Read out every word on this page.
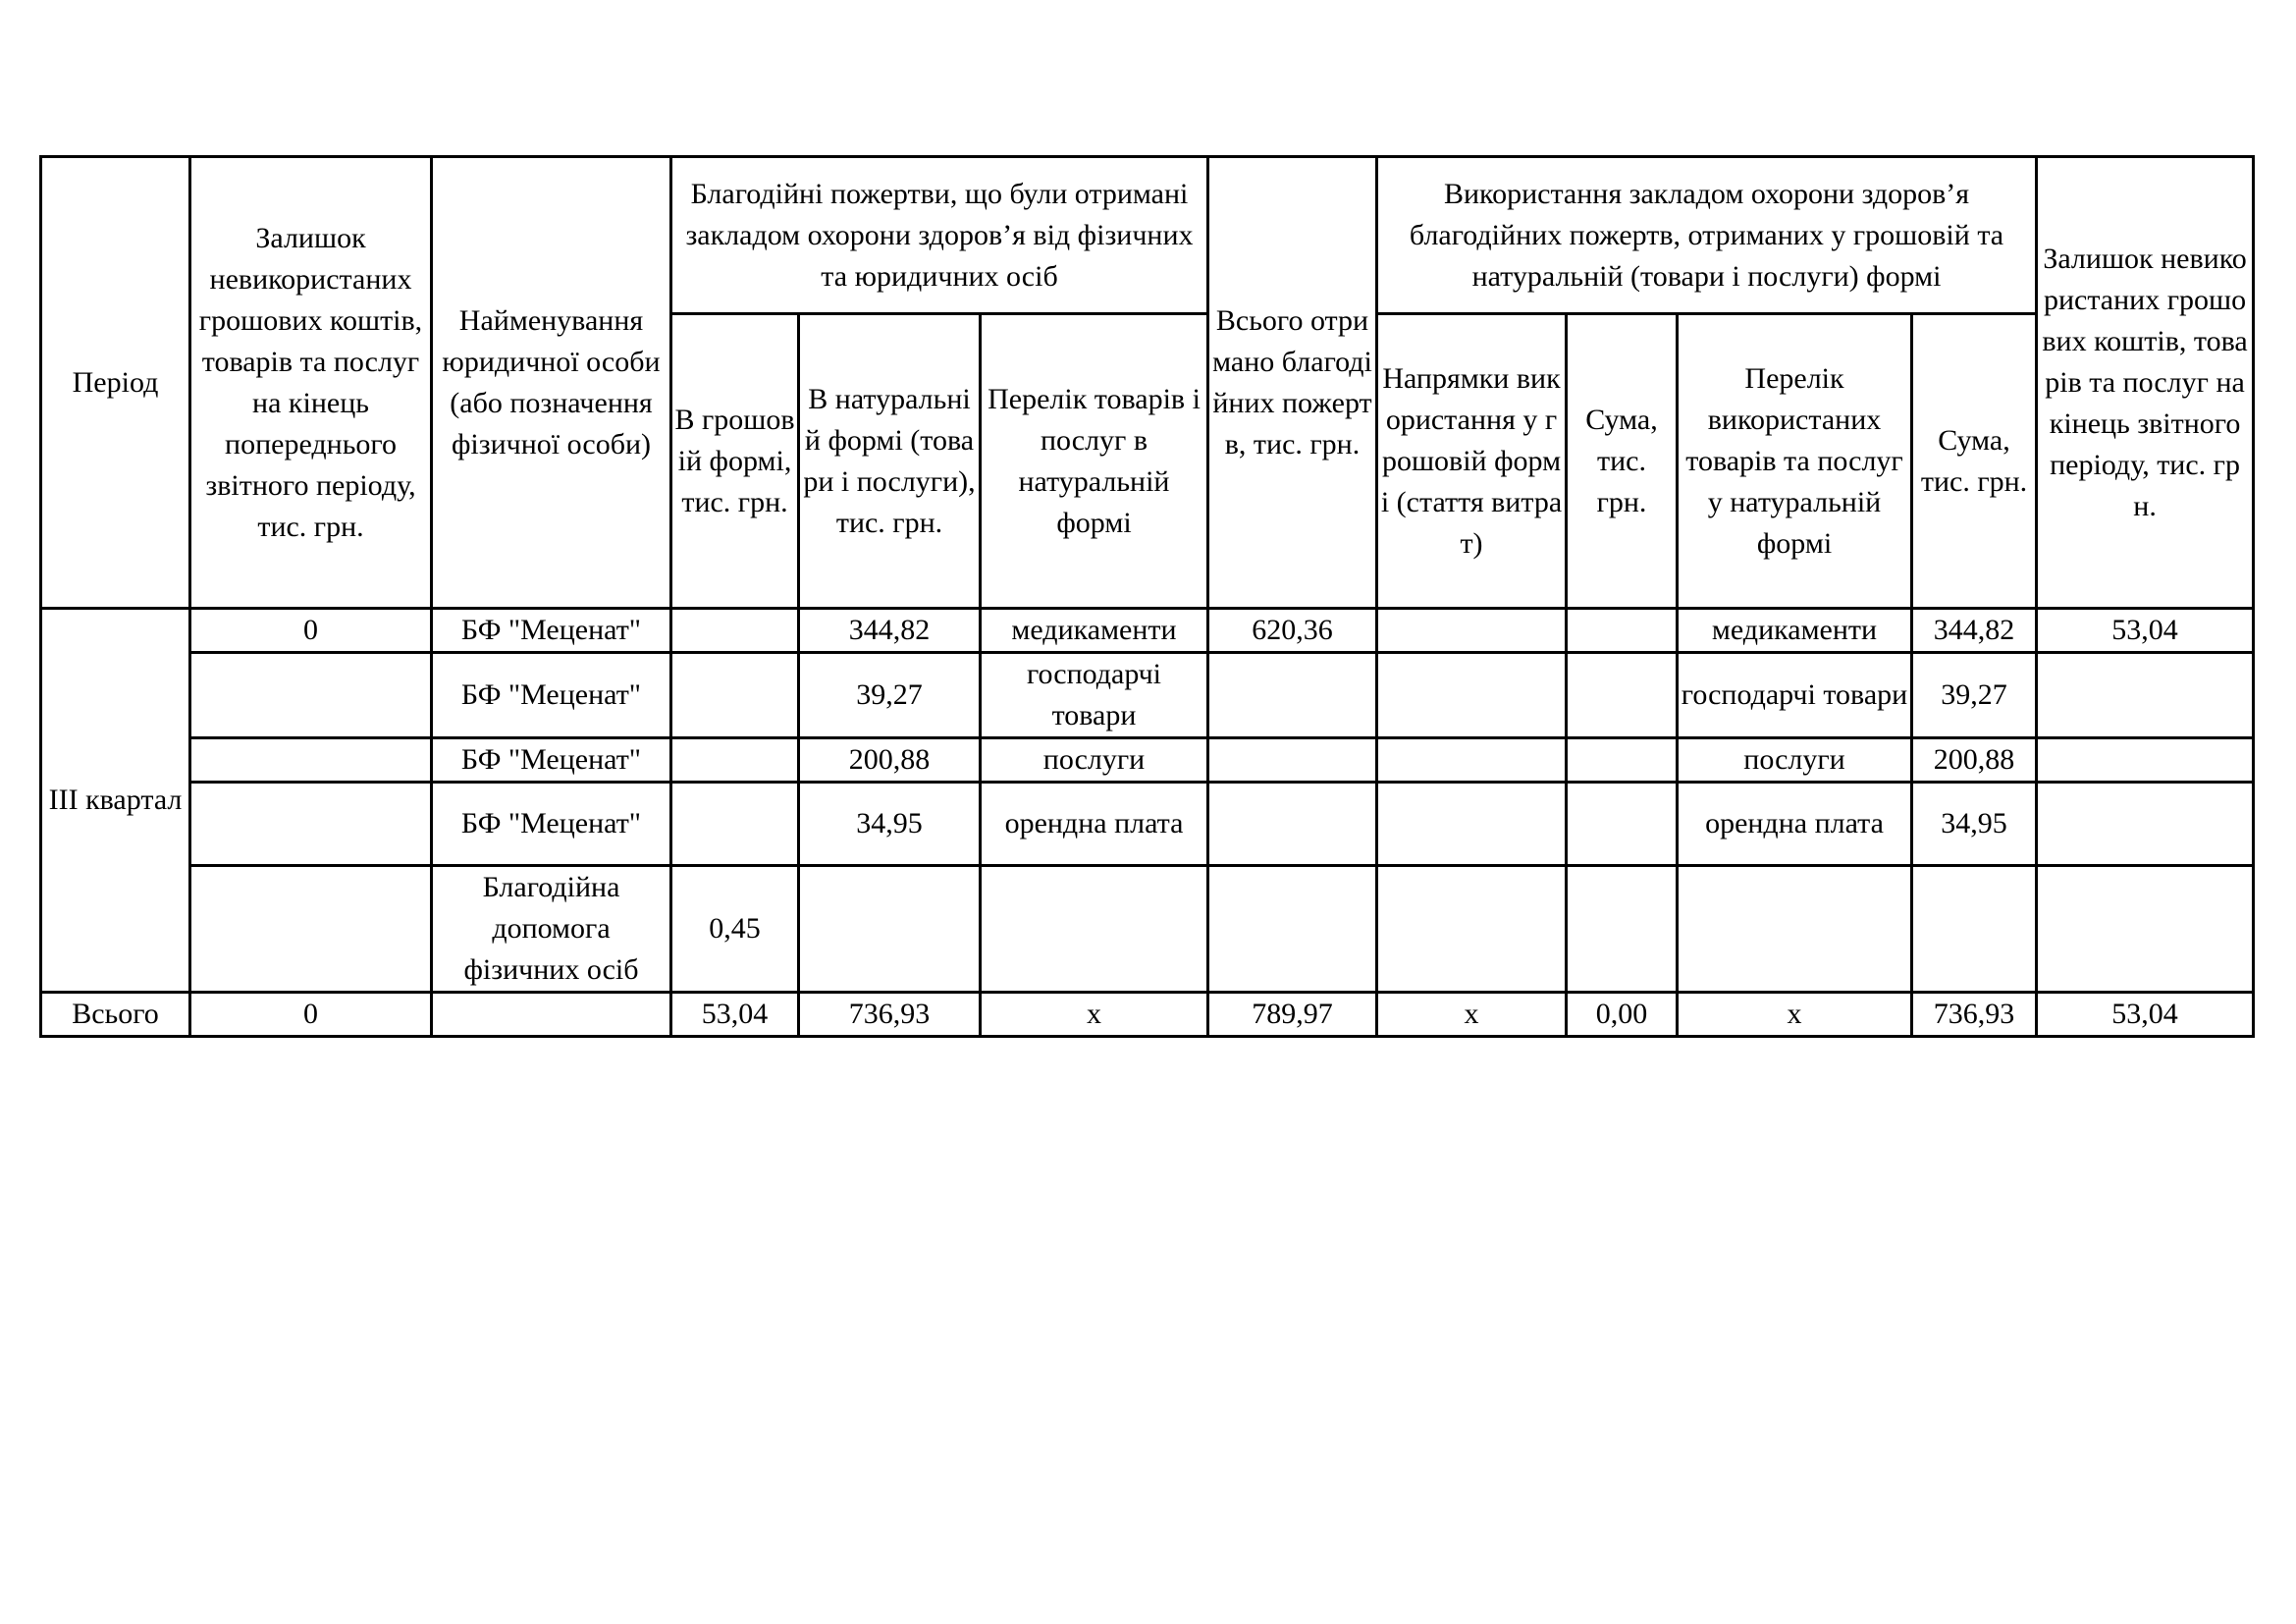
Період	Залишок невикористаних грошових коштів, товарів та послуг на кінець попереднього звітного періоду, тис. грн.	Найменування юридичної особи (або позначення фізичної особи)	Благодійні пожертви, що були отримані закладом охорони здоров’я від фізичних та юридичних осіб			Всього отримано благодійних пожертв, тис. грн.	Використання закладом охорони здоров’я благодійних пожертв, отриманих у грошовій та натуральній (товари і послуги) формі				Залишок невикористаних грошових коштів, товарів та послуг на кінець звітного періоду, тис. грн.
			В грошовій формі, тис. грн.	В натуральній формі (товари і послуги), тис. грн.	Перелік товарів і послуг в натуральній формі		Напрямки використання у грошовій формі (стаття витрат)	Сума, тис. грн.	Перелік використаних товарів та послуг у натуральній формі	Сума, тис. грн.	
ІІІ квартал	0	БФ "Меценат"		344,82	медикаменти	620,36			медикаменти	344,82	53,04
		БФ "Меценат"		39,27	господарчі товари				господарчі товари	39,27	
		БФ "Меценат"		200,88	послуги				послуги	200,88	
		БФ "Меценат"		34,95	орендна плата				орендна плата	34,95	
		Благодійна допомога фізичних осіб	0,45								
Всього	0		53,04	736,93	х	789,97	х	0,00	х	736,93	53,04
